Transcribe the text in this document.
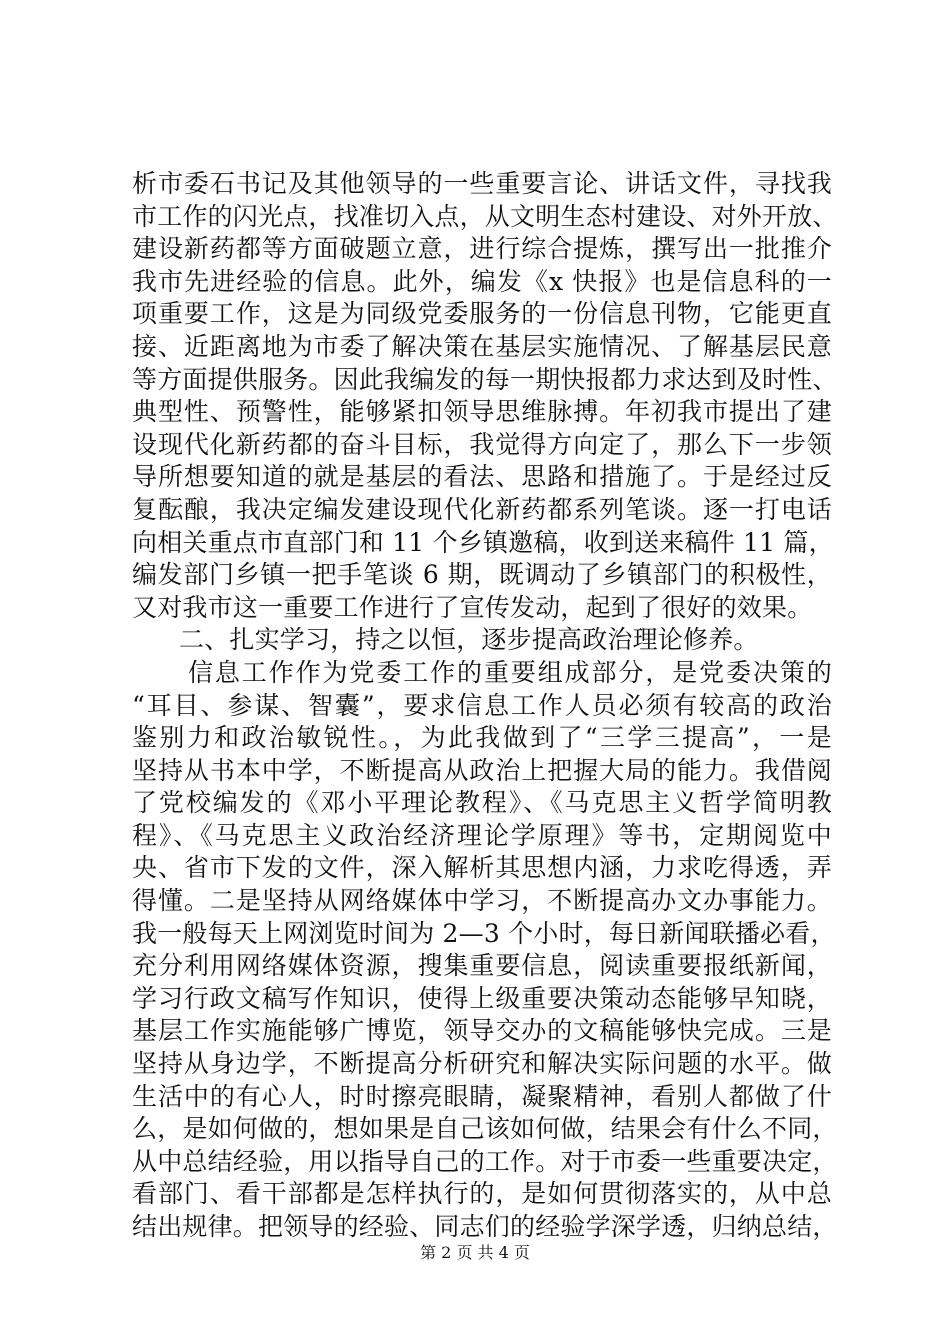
析市委石书记及其他领导的一些重要言论、讲话文件，寻找我
市工作的闪光点，找准切入点，从文明生态村建设、对外开放、
建设新药都等方面破题立意，进行综合提炼，撰写出一批推介
我市先进经验的信息。此外，编发《x 快报》也是信息科的一
项重要工作，这是为同级党委服务的一份信息刊物，它能更直
接、近距离地为市委了解决策在基层实施情况、了解基层民意
等方面提供服务。因此我编发的每一期快报都力求达到及时性、
典型性、预警性，能够紧扣领导思维脉搏。年初我市提出了建
设现代化新药都的奋斗目标，我觉得方向定了，那么下一步领
导所想要知道的就是基层的看法、思路和措施了。于是经过反
复酝酿，我决定编发建设现代化新药都系列笔谈。逐一打电话
向相关重点市直部门和 11 个乡镇邀稿，收到送来稿件 11 篇，
编发部门乡镇一把手笔谈 6 期，既调动了乡镇部门的积极性，
又对我市这一重要工作进行了宣传发动，起到了很好的效果。
二、扎实学习，持之以恒，逐步提高政治理论修养。
信息工作作为党委工作的重要组成部分，是党委决策的
“耳目、参谋、智囊”，要求信息工作人员必须有较高的政治
鉴别力和政治敏锐性。，为此我做到了“三学三提高”，一是
坚持从书本中学，不断提高从政治上把握大局的能力。我借阅
了党校编发的《邓小平理论教程》、《马克思主义哲学简明教
程》、《马克思主义政治经济理论学原理》等书，定期阅览中
央、省市下发的文件，深入解析其思想内涵，力求吃得透，弄
得懂。二是坚持从网络媒体中学习，不断提高办文办事能力。
我一般每天上网浏览时间为 2—3 个小时，每日新闻联播必看，
充分利用网络媒体资源，搜集重要信息，阅读重要报纸新闻，
学习行政文稿写作知识，使得上级重要决策动态能够早知晓，
基层工作实施能够广博览，领导交办的文稿能够快完成。三是
坚持从身边学，不断提高分析研究和解决实际问题的水平。做
生活中的有心人，时时擦亮眼睛，凝聚精神，看别人都做了什
么，是如何做的，想如果是自己该如何做，结果会有什么不同，
从中总结经验，用以指导自己的工作。对于市委一些重要决定，
看部门、看干部都是怎样执行的，是如何贯彻落实的，从中总
结出规律。把领导的经验、同志们的经验学深学透，归纳总结，
第 2 页 共 4 页
